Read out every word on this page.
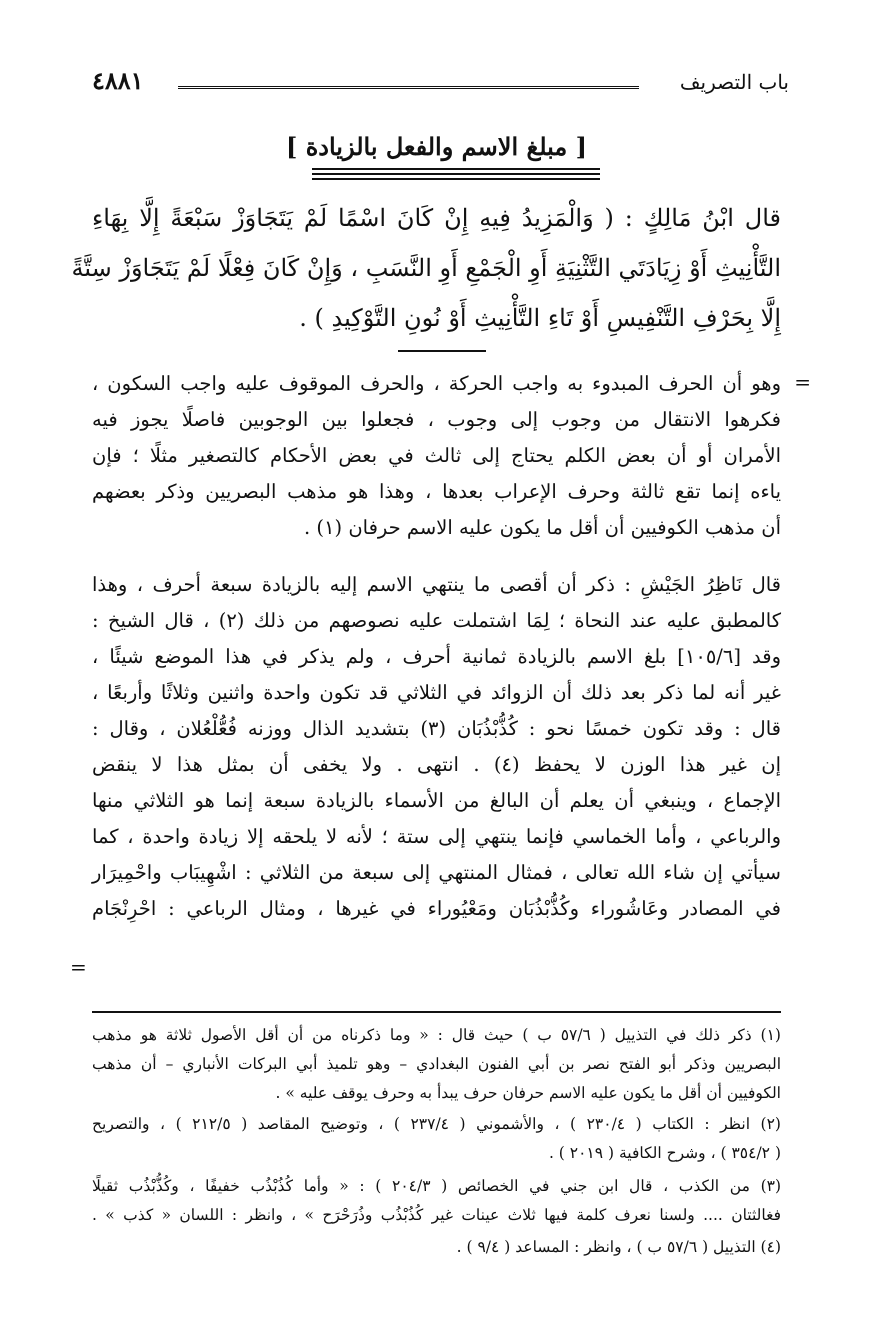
باب التصريف
٤٨٨١
[ مبلغ الاسم والفعل بالزيادة ]
قال ابْنُ مَالِكٍ : ( وَالْمَزِيدُ فِيهِ إِنْ كَانَ اسْمًا لَمْ يَتَجَاوَزْ سَبْعَةً إِلَّا بِهَاءِ
التَّأْنِيثِ أَوْ زِيَادَتَي التَّثْنِيَةِ أَوِ الْجَمْعِ أَوِ النَّسَبِ ، وَإِنْ كَانَ فِعْلًا لَمْ يَتَجَاوَزْ سِتَّةً
إِلَّا بِحَرْفِ التَّنْفِيسِ أَوْ تَاءِ التَّأْنِيثِ أَوْ نُونِ التَّوْكِيدِ ) .
=
وهو أن الحرف المبدوء به واجب الحركة ، والحرف الموقوف عليه واجب السكون ،
فكرهوا الانتقال من وجوب إلى وجوب ، فجعلوا بين الوجوبين فاصلًا يجوز فيه
الأمران أو أن بعض الكلم يحتاج إلى ثالث في بعض الأحكام كالتصغير مثلًا ؛ فإن
ياءه إنما تقع ثالثة وحرف الإعراب بعدها ، وهذا هو مذهب البصريين وذكر بعضهم
أن مذهب الكوفيين أن أقل ما يكون عليه الاسم حرفان (١) .
قال نَاظِرُ الجَيْشِ : ذكر أن أقصى ما ينتهي الاسم إليه بالزيادة سبعة أحرف ، وهذا
كالمطبق عليه عند النحاة ؛ لِمَا اشتملت عليه نصوصهم من ذلك (٢) ، قال الشيخ :
وقد [١٠٥/٦] بلغ الاسم بالزيادة ثمانية أحرف ، ولم يذكر في هذا الموضع شيئًا ،
غير أنه لما ذكر بعد ذلك أن الزوائد في الثلاثي قد تكون واحدة واثنين وثلاثًا وأربعًا ،
قال : وقد تكون خمسًا نحو : كُذُّبْذُبَان (٣) بتشديد الذال ووزنه فُعُّلْعُلان ، وقال :
إن غير هذا الوزن لا يحفظ (٤) . انتهى . ولا يخفى أن بمثل هذا لا ينقض
الإجماع ، وينبغي أن يعلم أن البالغ من الأسماء بالزيادة سبعة إنما هو الثلاثي منها
والرباعي ، وأما الخماسي فإنما ينتهي إلى ستة ؛ لأنه لا يلحقه إلا زيادة واحدة ، كما
سيأتي إن شاء الله تعالى ، فمثال المنتهي إلى سبعة من الثلاثي : اشْهِيبَاب واحْمِيرَار
في المصادر وعَاشُوراء وكُذُّبْذُبَان ومَعْيُوراء في غيرها ، ومثال الرباعي : احْرِنْجَام
=
(١) ذكر ذلك في التذييل ( ٥٧/٦ ب ) حيث قال : « وما ذكرناه من أن أقل الأصول ثلاثة هو مذهب
البصريين وذكر أبو الفتح نصر بن أبي الفنون البغدادي – وهو تلميذ أبي البركات الأنباري – أن مذهب
الكوفيين أن أقل ما يكون عليه الاسم حرفان حرف يبدأ به وحرف يوقف عليه » .
(٢) انظر : الكتاب ( ٢٣٠/٤ ) ، والأشموني ( ٢٣٧/٤ ) ، وتوضيح المقاصد ( ٢١٢/٥ ) ، والتصريح
( ٣٥٤/٢ ) ، وشرح الكافية ( ٢٠١٩ ) .
(٣) من الكذب ، قال ابن جني في الخصائص ( ٢٠٤/٣ ) : « وأما كُذُبْذُب خفيفًا ، وكُذُّبْذُب ثقيلًا
فغالثتان .... ولسنا نعرف كلمة فيها ثلاث عينات غير كُذُبْذُب وذُرَحْرَح » ، وانظر : اللسان « كذب » .
(٤) التذييل ( ٥٧/٦ ب ) ، وانظر : المساعد ( ٩/٤ ) .
